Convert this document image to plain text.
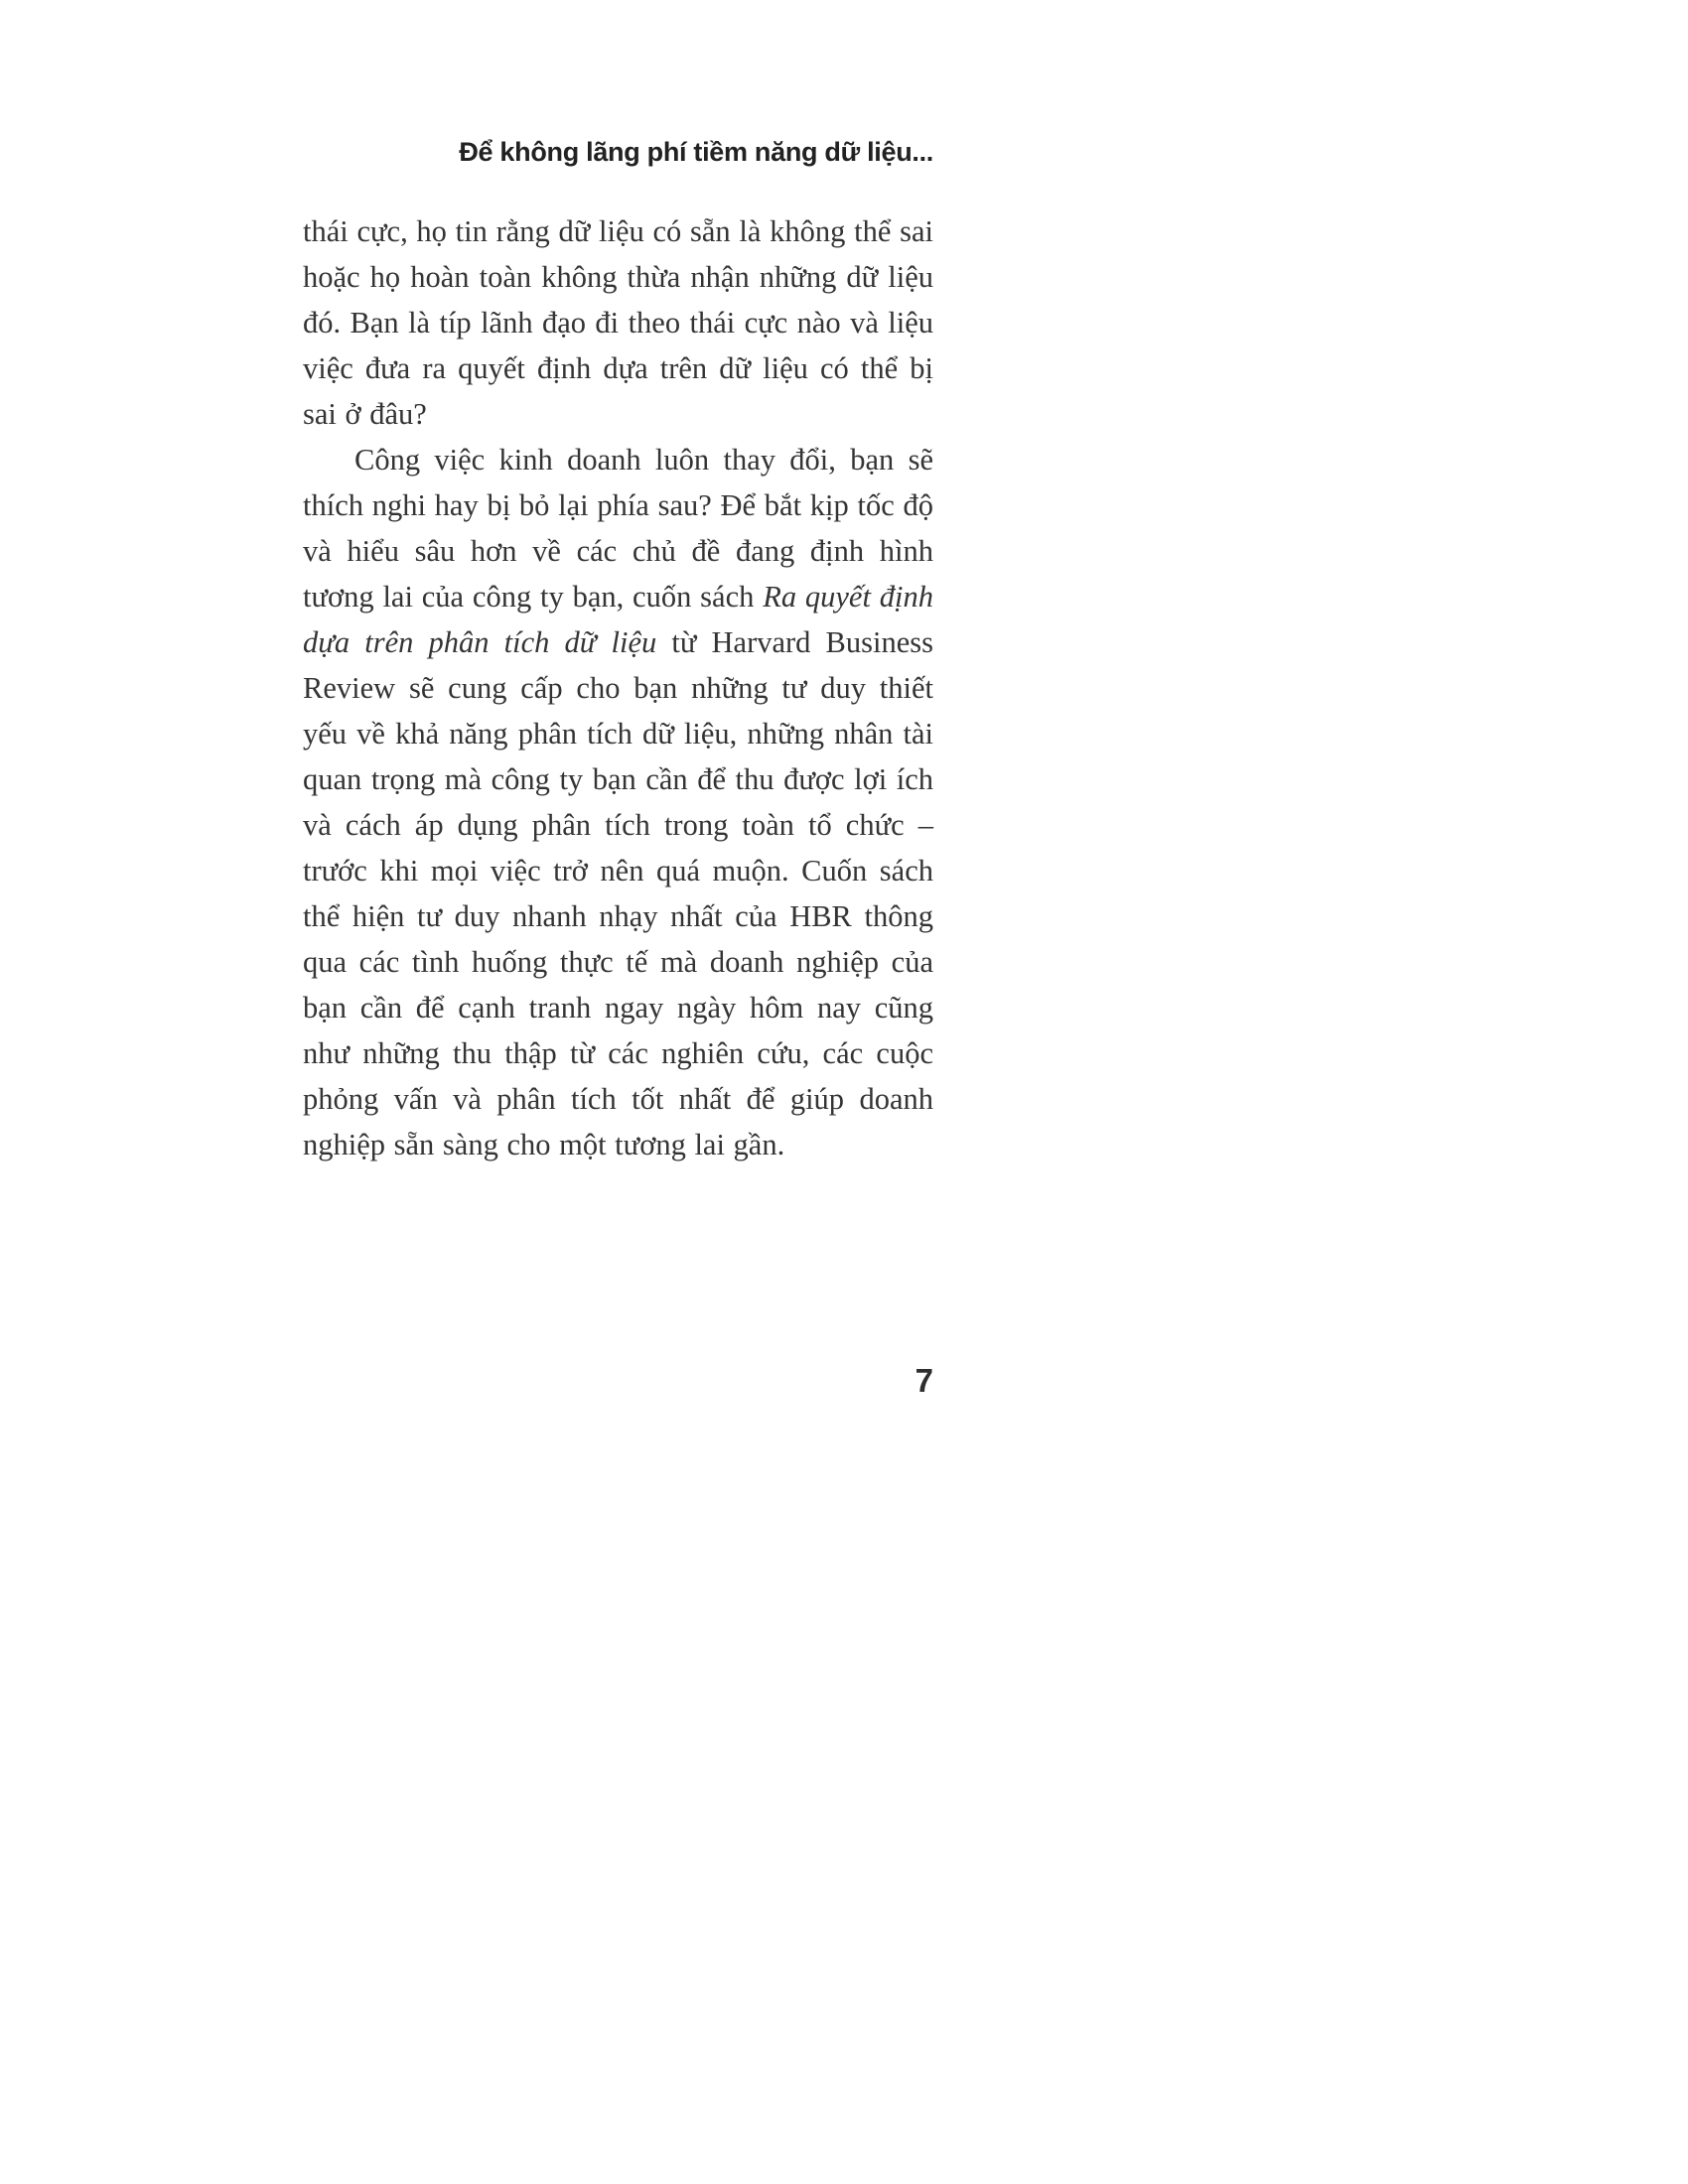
Để không lãng phí tiềm năng dữ liệu...

thái cực, họ tin rằng dữ liệu có sẵn là không thể sai hoặc họ hoàn toàn không thừa nhận những dữ liệu đó. Bạn là típ lãnh đạo đi theo thái cực nào và liệu việc đưa ra quyết định dựa trên dữ liệu có thể bị sai ở đâu?

Công việc kinh doanh luôn thay đổi, bạn sẽ thích nghi hay bị bỏ lại phía sau? Để bắt kịp tốc độ và hiểu sâu hơn về các chủ đề đang định hình tương lai của công ty bạn, cuốn sách Ra quyết định dựa trên phân tích dữ liệu từ Harvard Business Review sẽ cung cấp cho bạn những tư duy thiết yếu về khả năng phân tích dữ liệu, những nhân tài quan trọng mà công ty bạn cần để thu được lợi ích và cách áp dụng phân tích trong toàn tổ chức – trước khi mọi việc trở nên quá muộn. Cuốn sách thể hiện tư duy nhanh nhạy nhất của HBR thông qua các tình huống thực tế mà doanh nghiệp của bạn cần để cạnh tranh ngay ngày hôm nay cũng như những thu thập từ các nghiên cứu, các cuộc phỏng vấn và phân tích tốt nhất để giúp doanh nghiệp sẵn sàng cho một tương lai gần.

7
